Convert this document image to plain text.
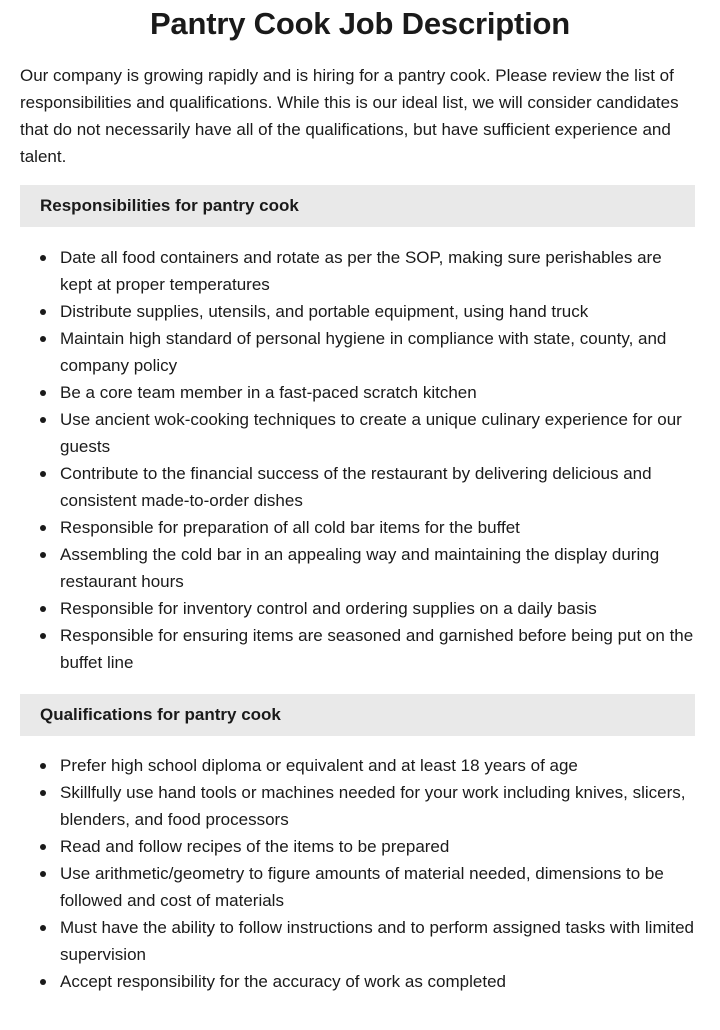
Pantry Cook Job Description

Our company is growing rapidly and is hiring for a pantry cook. Please review the list of responsibilities and qualifications. While this is our ideal list, we will consider candidates that do not necessarily have all of the qualifications, but have sufficient experience and talent.

Responsibilities for pantry cook
Date all food containers and rotate as per the SOP, making sure perishables are kept at proper temperatures
Distribute supplies, utensils, and portable equipment, using hand truck
Maintain high standard of personal hygiene in compliance with state, county, and company policy
Be a core team member in a fast-paced scratch kitchen
Use ancient wok-cooking techniques to create a unique culinary experience for our guests
Contribute to the financial success of the restaurant by delivering delicious and consistent made-to-order dishes
Responsible for preparation of all cold bar items for the buffet
Assembling the cold bar in an appealing way and maintaining the display during restaurant hours
Responsible for inventory control and ordering supplies on a daily basis
Responsible for ensuring items are seasoned and garnished before being put on the buffet line
Qualifications for pantry cook
Prefer high school diploma or equivalent and at least 18 years of age
Skillfully use hand tools or machines needed for your work including knives, slicers, blenders, and food processors
Read and follow recipes of the items to be prepared
Use arithmetic/geometry to figure amounts of material needed, dimensions to be followed and cost of materials
Must have the ability to follow instructions and to perform assigned tasks with limited supervision
Accept responsibility for the accuracy of work as completed
